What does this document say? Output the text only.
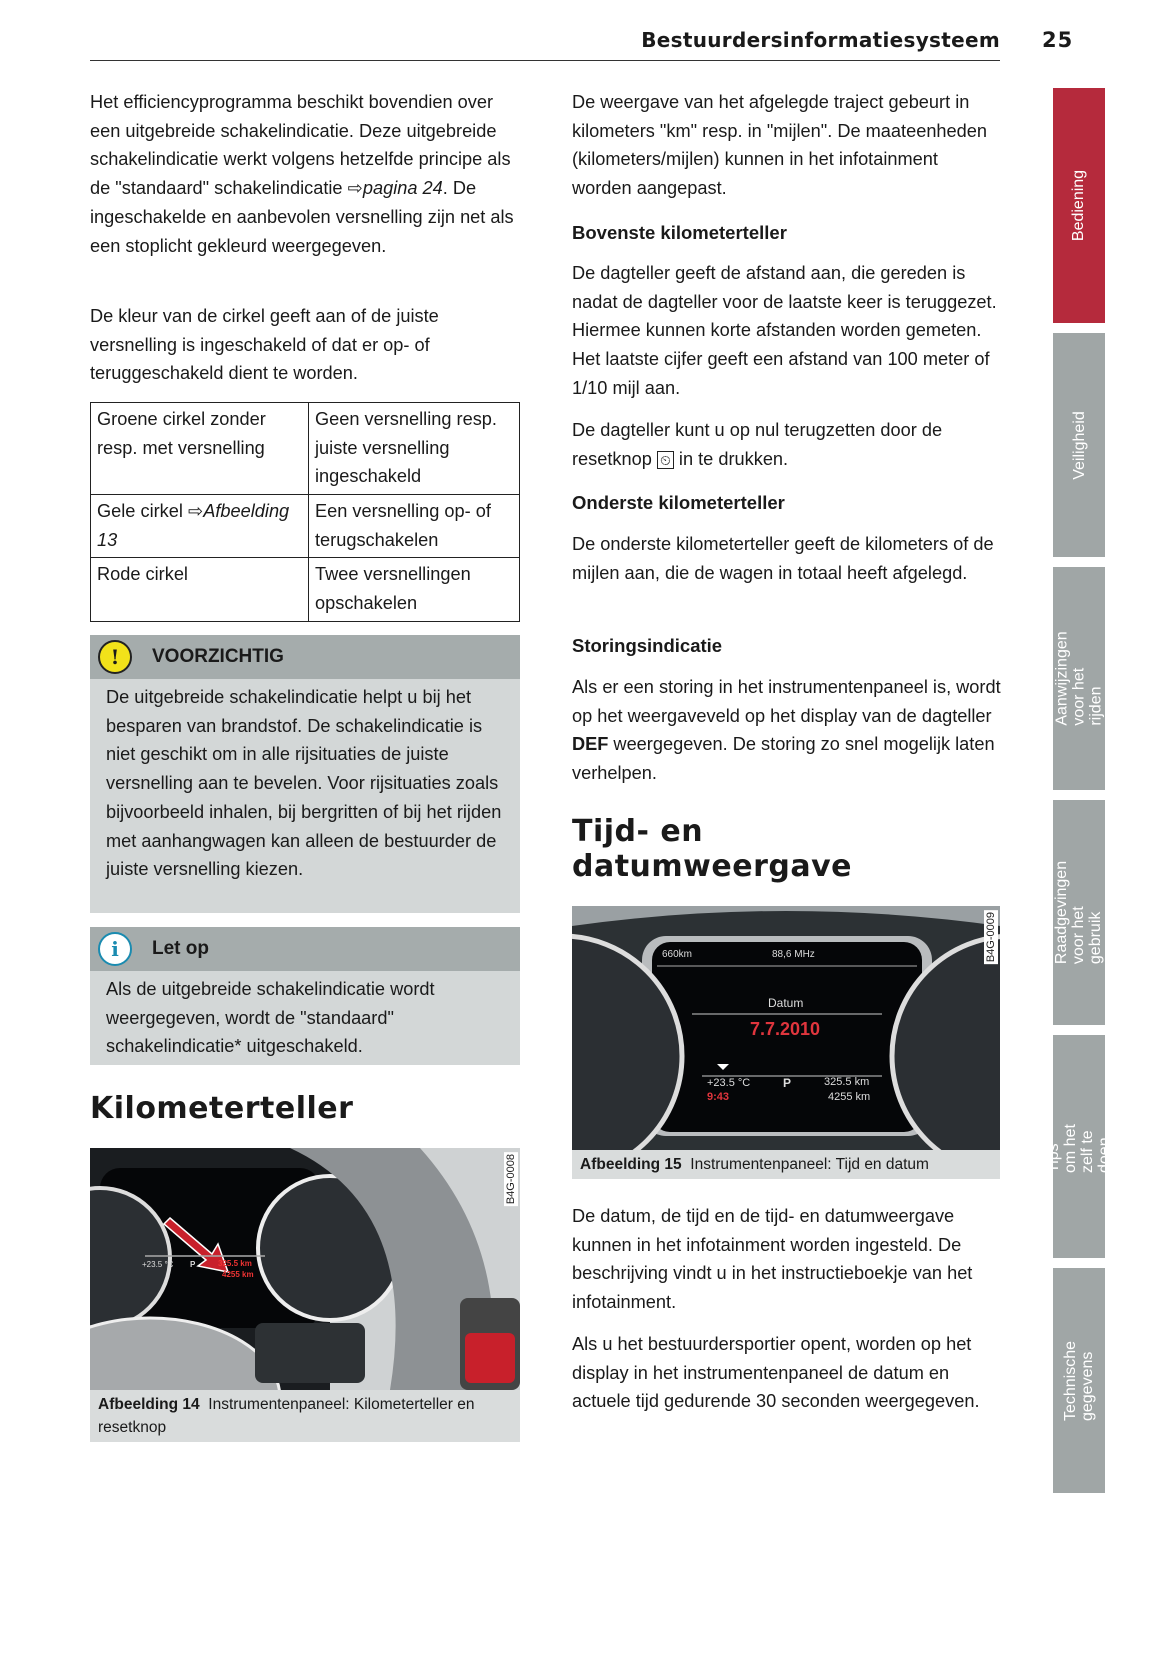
Bestuurdersinformatiesysteem 25

Het efficiencyprogramma beschikt bovendien over een uitgebreide schakelindicatie. Deze uitgebreide schakelindicatie werkt volgens hetzelfde principe als de "standaard" schakelindicatie ⇨pagina 24. De ingeschakelde en aanbevolen versnelling zijn net als een stoplicht gekleurd weergegeven.

De kleur van de cirkel geeft aan of de juiste versnelling is ingeschakeld of dat er op- of teruggeschakeld dient te worden.

Groene cirkel zonder resp. met versnelling	Geen versnelling resp. juiste versnelling ingeschakeld
Gele cirkel ⇨Afbeelding 13	Een versnelling op- of terugschakelen
Rode cirkel	Twee versnellingen opschakelen
!	VOORZICHTIG
De uitgebreide schakelindicatie helpt u bij het besparen van brandstof. De schakelindicatie is niet geschikt om in alle rijsituaties de juiste versnelling aan te bevelen. Voor rijsituaties zoals bijvoorbeeld inhalen, bij bergritten of bij het rijden met aanhangwagen kan alleen de bestuurder de juiste versnelling kiezen.
i	Let op
Als de uitgebreide schakelindicatie wordt weergegeven, wordt de "standaard" schakelindicatie* uitgeschakeld.
Kilometerteller
+23.5 °C P	325.5 km
4255 km
B4G-0008
Afbeelding 14 Instrumentenpaneel: Kilometerteller en resetknop

De weergave van het afgelegde traject gebeurt in kilometers "km" resp. in "mijlen". De maateenheden (kilometers/mijlen) kunnen in het infotainment worden aangepast.

Bovenste kilometerteller

De dagteller geeft de afstand aan, die gereden is nadat de dagteller voor de laatste keer is teruggezet. Hiermee kunnen korte afstanden worden gemeten. Het laatste cijfer geeft een afstand van 100 meter of 1/10 mijl aan.

De dagteller kunt u op nul terugzetten door de resetknop ⏲ in te drukken.

Onderste kilometerteller

De onderste kilometerteller geeft de kilometers of de mijlen aan, die de wagen in totaal heeft afgelegd.

Storingsindicatie

Als er een storing in het instrumentenpaneel is, wordt op het weergaveveld op het display van de dagteller DEF weergegeven. De storing zo snel mogelijk laten verhelpen.

Tijd- en datumweergave
660km	88,6 MHz
Datum
7.7.2010
+23.5 °C	P	325.5 km
4255 km
9:43
B4G-0009
Afbeelding 15 Instrumentenpaneel: Tijd en datum

De datum, de tijd en de tijd- en datumweergave kunnen in het infotainment worden ingesteld. De beschrijving vindt u in het instructieboekje van het infotainment.

Als u het bestuurdersportier opent, worden op het display in het instrumentenpaneel de datum en actuele tijd gedurende 30 seconden weergegeven.

Bediening
Veiligheid
Aanwijzingen voor het rijden
Raadgevingen voor het gebruik
Tips om het zelf te doen
Technische gegevens
